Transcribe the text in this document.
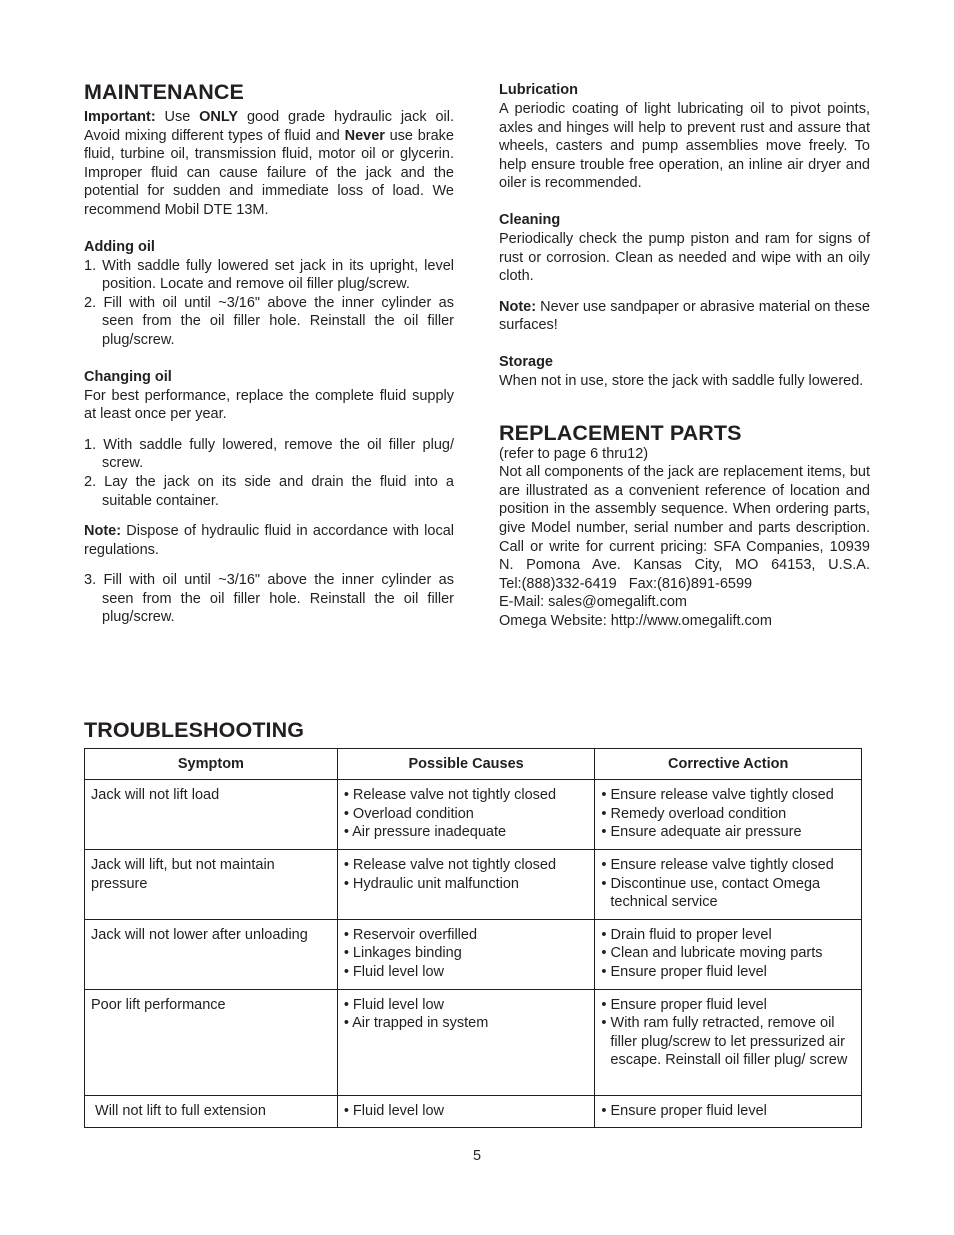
MAINTENANCE

Important: Use ONLY good grade hydraulic jack oil. Avoid mixing different types of fluid and Never use brake fluid, turbine oil, transmission fluid, motor oil or glycerin. Improper fluid can cause failure of the jack and the potential for sudden and immediate loss of load. We recommend Mobil DTE 13M.

Adding oil
1. With saddle fully lowered set jack in its upright, level position. Locate and remove oil filler plug/screw.
2. Fill with oil until ~3/16" above the inner cylinder as seen from the oil filler hole. Reinstall the oil filler plug/screw.
Changing oil

For best performance, replace the complete fluid supply at least once per year.

1. With saddle fully lowered, remove the oil filler plug/ screw.
2. Lay the jack on its side and drain the fluid into a suitable container.

Note: Dispose of hydraulic fluid in accordance with local regulations.

3. Fill with oil until ~3/16" above the inner cylinder as seen from the oil filler hole. Reinstall the oil filler plug/screw.
Lubrication

A periodic coating of light lubricating oil to pivot points, axles and hinges will help to prevent rust and assure that wheels, casters and pump assemblies move freely. To help ensure trouble free operation, an inline air dryer and oiler is recommended.

Cleaning

Periodically check the pump piston and ram for signs of rust or corrosion. Clean as needed and wipe with an oily cloth.

Note: Never use sandpaper or abrasive material on these surfaces!

Storage

When not in use, store the jack with saddle fully lowered.

REPLACEMENT PARTS

(refer to page 6 thru12)

Not all components of the jack are replacement items, but are illustrated as a convenient reference of location and position in the assembly sequence. When ordering parts, give Model number, serial number and parts description. Call or write for current pricing: SFA Companies, 10939 N. Pomona Ave. Kansas City, MO 64153, U.S.A. Tel:(888)332-6419 Fax:(816)891-6599

E-Mail: sales@omegalift.com

Omega Website: http://www.omegalift.com

TROUBLESHOOTING
Symptom	Possible Causes	Corrective Action
Jack will not lift load	• Release valve not tightly closed
• Overload condition
• Air pressure inadequate	• Ensure release valve tightly closed
• Remedy overload condition
• Ensure adequate air pressure

Jack will lift, but not maintain pressure	• Release valve not tightly closed
• Hydraulic unit malfunction	• Ensure release valve tightly closed
• Discontinue use, contact Omega technical service

Jack will not lower after unloading	• Reservoir overfilled
• Linkages binding
• Fluid level low	• Drain fluid to proper level
• Clean and lubricate moving parts
• Ensure proper fluid level

Poor lift performance	• Fluid level low
• Air trapped in system	• Ensure proper fluid level
• With ram fully retracted, remove oil filler plug/screw to let pressurized air escape. Reinstall oil filler plug/ screw

Will not lift to full extension	• Fluid level low	• Ensure proper fluid level
5
